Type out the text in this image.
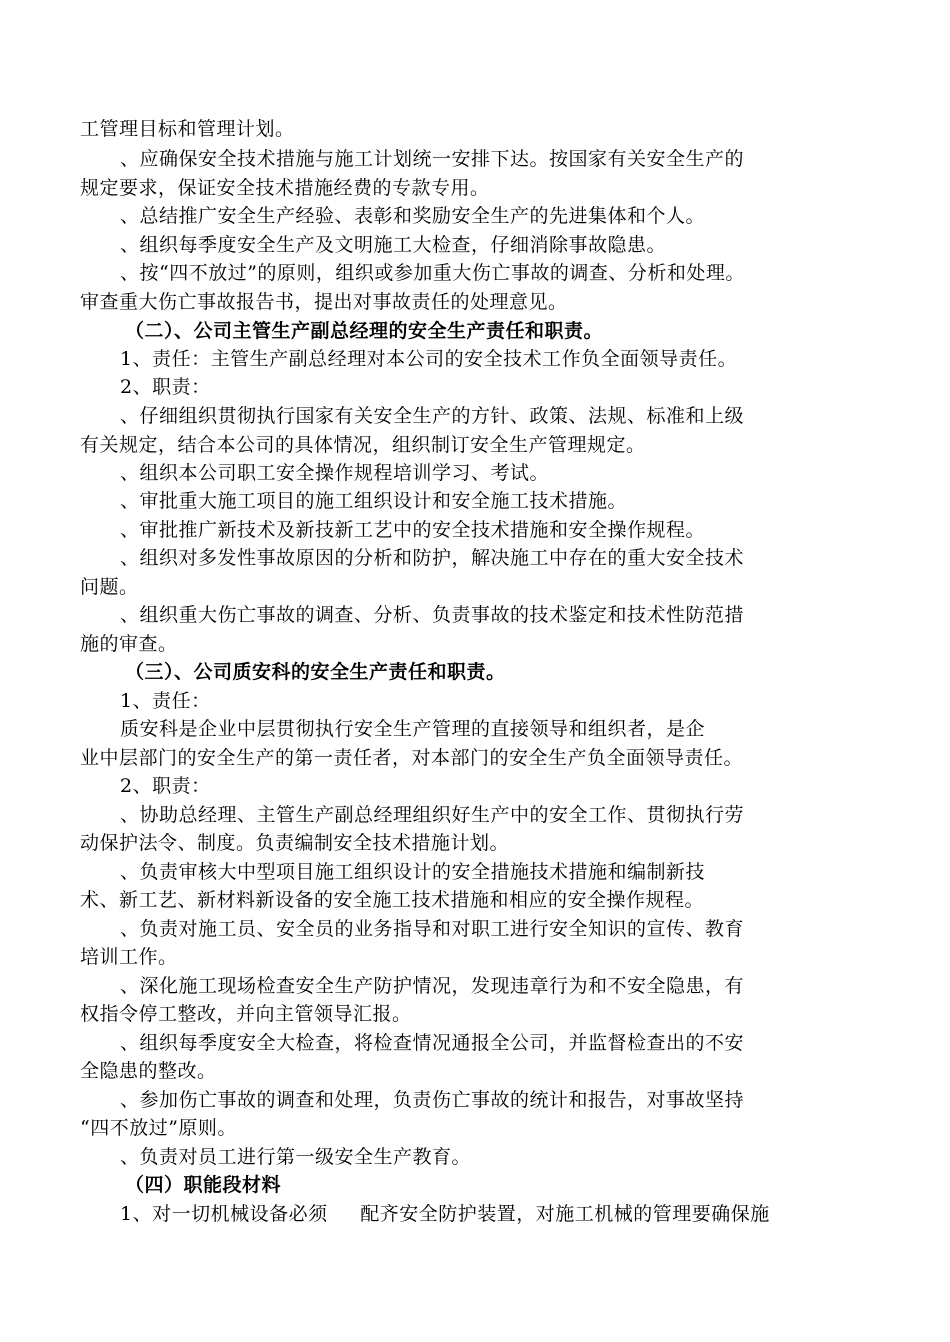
工管理目标和管理计划。
、应确保安全技术措施与施工计划统一安排下达。按国家有关安全生产的
规定要求，保证安全技术措施经费的专款专用。
、总结推广安全生产经验、表彰和奖励安全生产的先进集体和个人。
、组织每季度安全生产及文明施工大检查，仔细消除事故隐患。
、按“四不放过”的原则，组织或参加重大伤亡事故的调查、分析和处理。
审查重大伤亡事故报告书，提出对事故责任的处理意见。
（二）、公司主管生产副总经理的安全生产责任和职责。
1、责任：主管生产副总经理对本公司的安全技术工作负全面领导责任。
2、职责：
、仔细组织贯彻执行国家有关安全生产的方针、政策、法规、标准和上级
有关规定，结合本公司的具体情况，组织制订安全生产管理规定。
、组织本公司职工安全操作规程培训学习、考试。
、审批重大施工项目的施工组织设计和安全施工技术措施。
、审批推广新技术及新技新工艺中的安全技术措施和安全操作规程。
、组织对多发性事故原因的分析和防护，解决施工中存在的重大安全技术
问题。
、组织重大伤亡事故的调查、分析、负责事故的技术鉴定和技术性防范措
施的审查。
（三）、公司质安科的安全生产责任和职责。
1、责任：
质安科是企业中层贯彻执行安全生产管理的直接领导和组织者，是企
业中层部门的安全生产的第一责任者，对本部门的安全生产负全面领导责任。
2、职责：
、协助总经理、主管生产副总经理组织好生产中的安全工作、贯彻执行劳
动保护法令、制度。负责编制安全技术措施计划。
、负责审核大中型项目施工组织设计的安全措施技术措施和编制新技
术、新工艺、新材料新设备的安全施工技术措施和相应的安全操作规程。
、负责对施工员、安全员的业务指导和对职工进行安全知识的宣传、教育
培训工作。
、深化施工现场检查安全生产防护情况，发现违章行为和不安全隐患，有
权指令停工整改，并向主管领导汇报。
、组织每季度安全大检查，将检查情况通报全公司，并监督检查出的不安
全隐患的整改。
、参加伤亡事故的调查和处理，负责伤亡事故的统计和报告，对事故坚持
“四不放过”原则。
、负责对员工进行第一级安全生产教育。
（四）职能段材料
1、对一切机械设备必须     配齐安全防护装置，对施工机械的管理要确保施
